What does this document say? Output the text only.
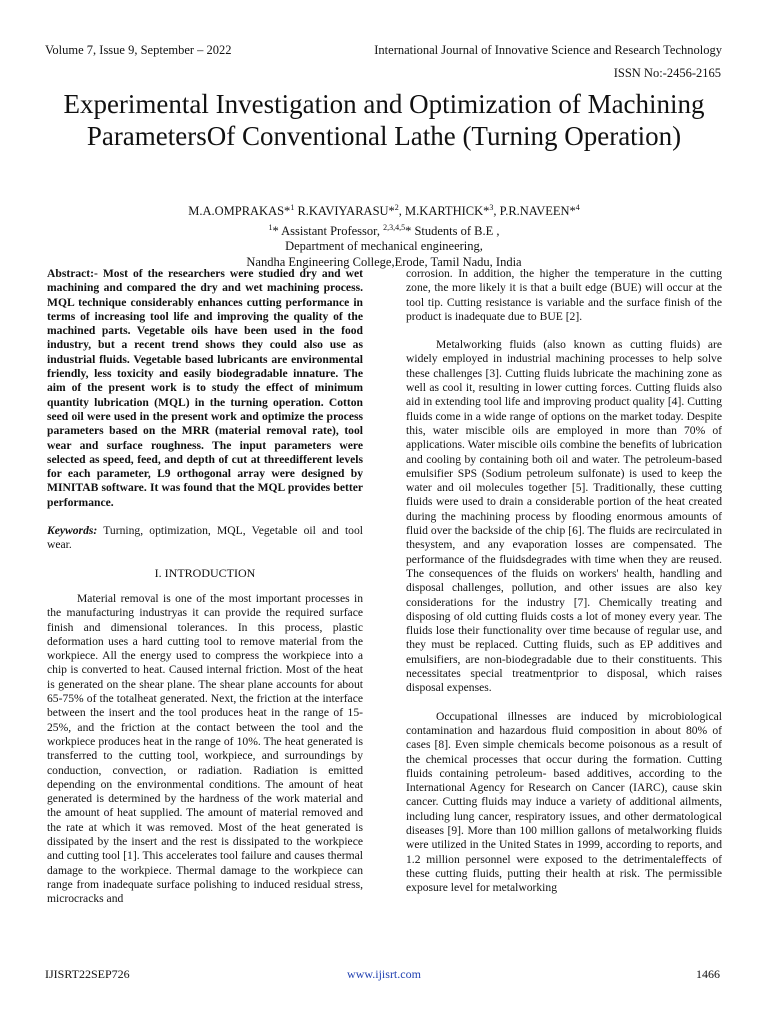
Volume 7, Issue 9, September – 2022	International Journal of Innovative Science and Research Technology
ISSN No:-2456-2165
Experimental Investigation and Optimization of Machining ParametersOf Conventional Lathe (Turning Operation)
M.A.OMPRAKAS*$^1$ R.KAVIYARASU*$^2$, M.KARTHICK*$^3$, P.R.NAVEEN*$^4$
$^1$* Assistant Professor, $^{2,3,4,5}$* Students of B.E ,
Department of mechanical engineering,
Nandha Engineering College,Erode, Tamil Nadu, India

Abstract:- Most of the researchers were studied dry and wet machining and compared the dry and wet machining process. MQL technique considerably enhances cutting performance in terms of increasing tool life and improving the quality of the machined parts. Vegetable oils have been used in the food industry, but a recent trend shows they could also use as industrial fluids. Vegetable based lubricants are environmental friendly, less toxicity and easily biodegradable innature. The aim of the present work is to study the effect of minimum quantity lubrication (MQL) in the turning operation. Cotton seed oil were used in the present work and optimize the process parameters based on the MRR (material removal rate), tool wear and surface roughness. The input parameters were selected as speed, feed, and depth of cut at threedifferent levels for each parameter, L9 orthogonal array were designed by MINITAB software. It was found that the MQL provides better performance.

Keywords: Turning, optimization, MQL, Vegetable oil and tool wear.

I. INTRODUCTION

Material removal is one of the most important processes in the manufacturing industryas it can provide the required surface finish and dimensional tolerances. In this process, plastic deformation uses a hard cutting tool to remove material from the workpiece. All the energy used to compress the workpiece into a chip is converted to heat. Caused internal friction. Most of the heat is generated on the shear plane. The shear plane accounts for about 65-75% of the totalheat generated. Next, the friction at the interface between the insert and the tool produces heat in the range of 15-25%, and the friction at the contact between the tool and the workpiece produces heat in the range of 10%. The heat generated is transferred to the cutting tool, workpiece, and surroundings by conduction, convection, or radiation. Radiation is emitted depending on the environmental conditions. The amount of heat generated is determined by the hardness of the work material and the amount of heat supplied. The amount of material removed and the rate at which it was removed. Most of the heat generated is dissipated by the insert and the rest is dissipated to the workpiece and cutting tool [1]. This accelerates tool failure and causes thermal damage to the workpiece. Thermal damage to the workpiece can range from inadequate surface polishing to induced residual stress, microcracks and

corrosion. In addition, the higher the temperature in the cutting zone, the more likely it is that a built edge (BUE) will occur at the tool tip. Cutting resistance is variable and the surface finish of the product is inadequate due to BUE [2].

Metalworking fluids (also known as cutting fluids) are widely employed in industrial machining processes to help solve these challenges [3]. Cutting fluids lubricate the machining zone as well as cool it, resulting in lower cutting forces. Cutting fluids also aid in extending tool life and improving product quality [4]. Cutting fluids come in a wide range of options on the market today. Despite this, water miscible oils are employed in more than 70% of applications. Water miscible oils combine the benefits of lubrication and cooling by containing both oil and water. The petroleum-based emulsifier SPS (Sodium petroleum sulfonate) is used to keep the water and oil molecules together [5]. Traditionally, these cutting fluids were used to drain a considerable portion of the heat created during the machining process by flooding enormous amounts of fluid over the backside of the chip [6]. The fluids are recirculated in thesystem, and any evaporation losses are compensated. The performance of the fluidsdegrades with time when they are reused. The consequences of the fluids on workers' health, handling and disposal challenges, pollution, and other issues are also key considerations for the industry [7]. Chemically treating and disposing of old cutting fluids costs a lot of money every year. The fluids lose their functionality over time because of regular use, and they must be replaced. Cutting fluids, such as EP additives and emulsifiers, are non-biodegradable due to their constituents. This necessitates special treatmentprior to disposal, which raises disposal expenses.

Occupational illnesses are induced by microbiological contamination and hazardous fluid composition in about 80% of cases [8]. Even simple chemicals become poisonous as a result of the chemical processes that occur during the formation. Cutting fluids containing petroleum- based additives, according to the International Agency for Research on Cancer (IARC), cause skin cancer. Cutting fluids may induce a variety of additional ailments, including lung cancer, respiratory issues, and other dermatological diseases [9]. More than 100 million gallons of metalworking fluids were utilized in the United States in 1999, according to reports, and 1.2 million personnel were exposed to the detrimentaleffects of these cutting fluids, putting their health at risk. The permissible exposure level for metalworking

IJISRT22SEP726	www.ijisrt.com	1466
